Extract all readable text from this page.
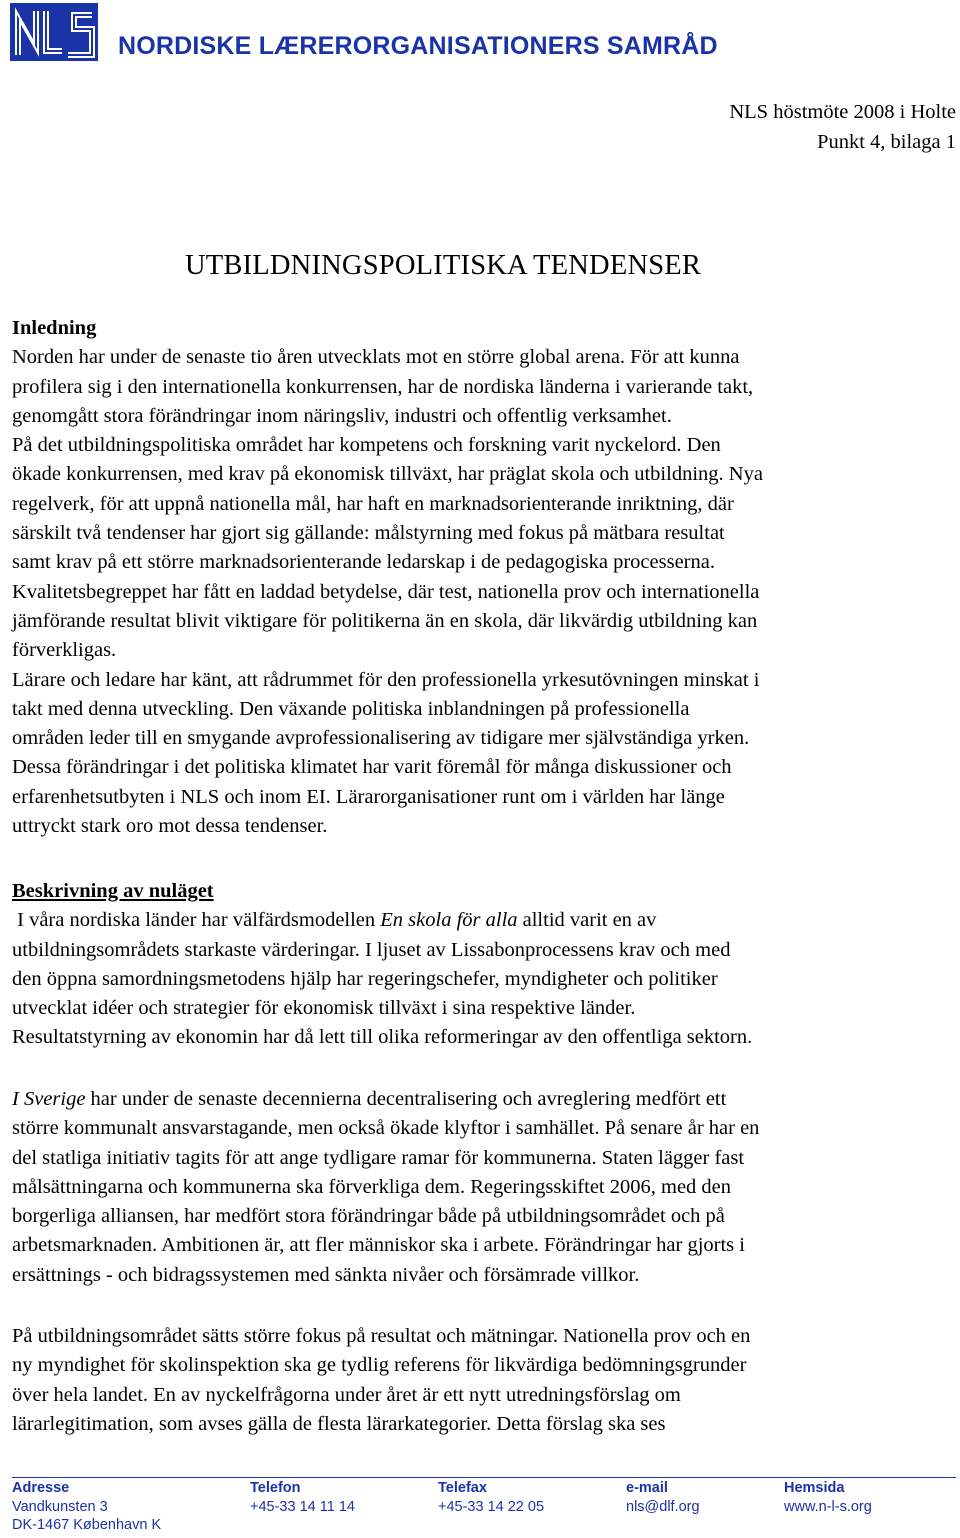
NORDISKE LÆRERORGANISATIONERS SAMRÅD
NLS höstmöte 2008 i Holte
Punkt 4, bilaga 1
UTBILDNINGSPOLITISKA TENDENSER
Inledning
Norden har under de senaste tio åren utvecklats mot en större global arena. För att kunna
profilera sig i den internationella konkurrensen, har de nordiska länderna i varierande takt,
genomgått stora förändringar inom näringsliv, industri och offentlig verksamhet.
På det utbildningspolitiska området har kompetens och forskning varit nyckelord. Den
ökade konkurrensen, med krav på ekonomisk tillväxt, har präglat skola och utbildning. Nya
regelverk, för att uppnå nationella mål, har haft en marknadsorienterande inriktning, där
särskilt två tendenser har gjort sig gällande: målstyrning med fokus på mätbara resultat
samt krav på ett större marknadsorienterande ledarskap i de pedagogiska processerna.
Kvalitetsbegreppet har fått en laddad betydelse, där test, nationella prov och internationella
jämförande resultat blivit viktigare för politikerna än en skola, där likvärdig utbildning kan
förverkligas.
Lärare och ledare har känt, att rådrummet för den professionella yrkesutövningen minskat i
takt med denna utveckling. Den växande politiska inblandningen på professionella
områden leder till en smygande avprofessionalisering av tidigare mer självständiga yrken.
Dessa förändringar i det politiska klimatet har varit föremål för många diskussioner och
erfarenhetsutbyten i NLS och inom EI. Lärarorganisationer runt om i världen har länge
uttryckt stark oro mot dessa tendenser.
Beskrivning av nuläget
I våra nordiska länder har välfärdsmodellen En skola för alla alltid varit en av
utbildningsområdets starkaste värderingar. I ljuset av Lissabonprocessens krav och med
den öppna samordningsmetodens hjälp har regeringschefer, myndigheter och politiker
utvecklat idéer och strategier för ekonomisk tillväxt i sina respektive länder.
Resultatstyrning av ekonomin har då lett till olika reformeringar av den offentliga sektorn.
I Sverige har under de senaste decennierna decentralisering och avreglering medfört ett
större kommunalt ansvarstagande, men också ökade klyftor i samhället. På senare år har en
del statliga initiativ tagits för att ange tydligare ramar för kommunerna. Staten lägger fast
målsättningarna och kommunerna ska förverkliga dem. Regeringsskiftet 2006, med den
borgerliga alliansen, har medfört stora förändringar både på utbildningsområdet och på
arbetsmarknaden. Ambitionen är, att fler människor ska i arbete. Förändringar har gjorts i
ersättnings - och bidragssystemen med sänkta nivåer och försämrade villkor.
På utbildningsområdet sätts större fokus på resultat och mätningar. Nationella prov och en
ny myndighet för skolinspektion ska ge tydlig referens för likvärdiga bedömningsgrunder
över hela landet. En av nyckelfrågorna under året är ett nytt utredningsförslag om
lärarlegitimation, som avses gälla de flesta lärarkategorier. Detta förslag ska ses
Adresse
Vandkunsten 3
DK-1467 København K
Telefon
+45-33 14 11 14
Telefax
+45-33 14 22 05
e-mail
nls@dlf.org
Hemsida
www.n-l-s.org
